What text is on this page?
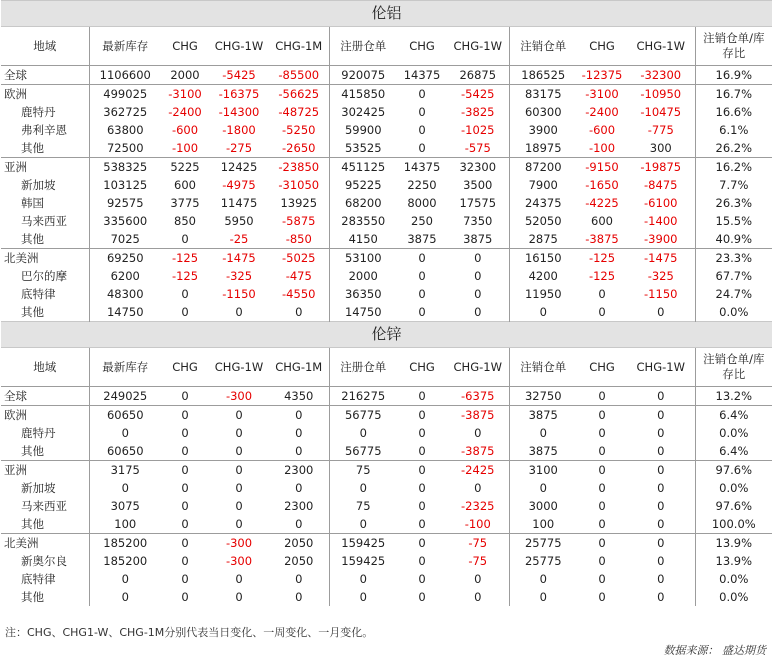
伦铝											
地域	最新库存	CHG	CHG-1W	CHG-1M	注册仓单	CHG	CHG-1W	注销仓单	CHG	CHG-1W	注销仓单/库存比
全球	1106600	2000	-5425	-85500	920075	14375	26875	186525	-12375	-32300	16.9%
欧洲	499025	-3100	-16375	-56625	415850	0	-5425	83175	-3100	-10950	16.7%
鹿特丹	362725	-2400	-14300	-48725	302425	0	-3825	60300	-2400	-10475	16.6%
弗利辛恩	63800	-600	-1800	-5250	59900	0	-1025	3900	-600	-775	6.1%
其他	72500	-100	-275	-2650	53525	0	-575	18975	-100	300	26.2%
亚洲	538325	5225	12425	-23850	451125	14375	32300	87200	-9150	-19875	16.2%
新加坡	103125	600	-4975	-31050	95225	2250	3500	7900	-1650	-8475	7.7%
韩国	92575	3775	11475	13925	68200	8000	17575	24375	-4225	-6100	26.3%
马来西亚	335600	850	5950	-5875	283550	250	7350	52050	600	-1400	15.5%
其他	7025	0	-25	-850	4150	3875	3875	2875	-3875	-3900	40.9%
北美洲	69250	-125	-1475	-5025	53100	0	0	16150	-125	-1475	23.3%
巴尔的摩	6200	-125	-325	-475	2000	0	0	4200	-125	-325	67.7%
底特律	48300	0	-1150	-4550	36350	0	0	11950	0	-1150	24.7%
其他	14750	0	0	0	14750	0	0	0	0	0	0.0%
伦锌											
地域	最新库存	CHG	CHG-1W	CHG-1M	注册仓单	CHG	CHG-1W	注销仓单	CHG	CHG-1W	注销仓单/库存比
全球	249025	0	-300	4350	216275	0	-6375	32750	0	0	13.2%
欧洲	60650	0	0	0	56775	0	-3875	3875	0	0	6.4%
鹿特丹	0	0	0	0	0	0	0	0	0	0	0.0%
其他	60650	0	0	0	56775	0	-3875	3875	0	0	6.4%
亚洲	3175	0	0	2300	75	0	-2425	3100	0	0	97.6%
新加坡	0	0	0	0	0	0	0	0	0	0	0.0%
马来西亚	3075	0	0	2300	75	0	-2325	3000	0	0	97.6%
其他	100	0	0	0	0	0	-100	100	0	0	100.0%
北美洲	185200	0	-300	2050	159425	0	-75	25775	0	0	13.9%
新奥尔良	185200	0	-300	2050	159425	0	-75	25775	0	0	13.9%
底特律	0	0	0	0	0	0	0	0	0	0	0.0%
其他	0	0	0	0	0	0	0	0	0	0	0.0%
注：CHG、CHG1-W、CHG-1M分别代表当日变化、一周变化、一月变化。
数据来源： 盛达期货
